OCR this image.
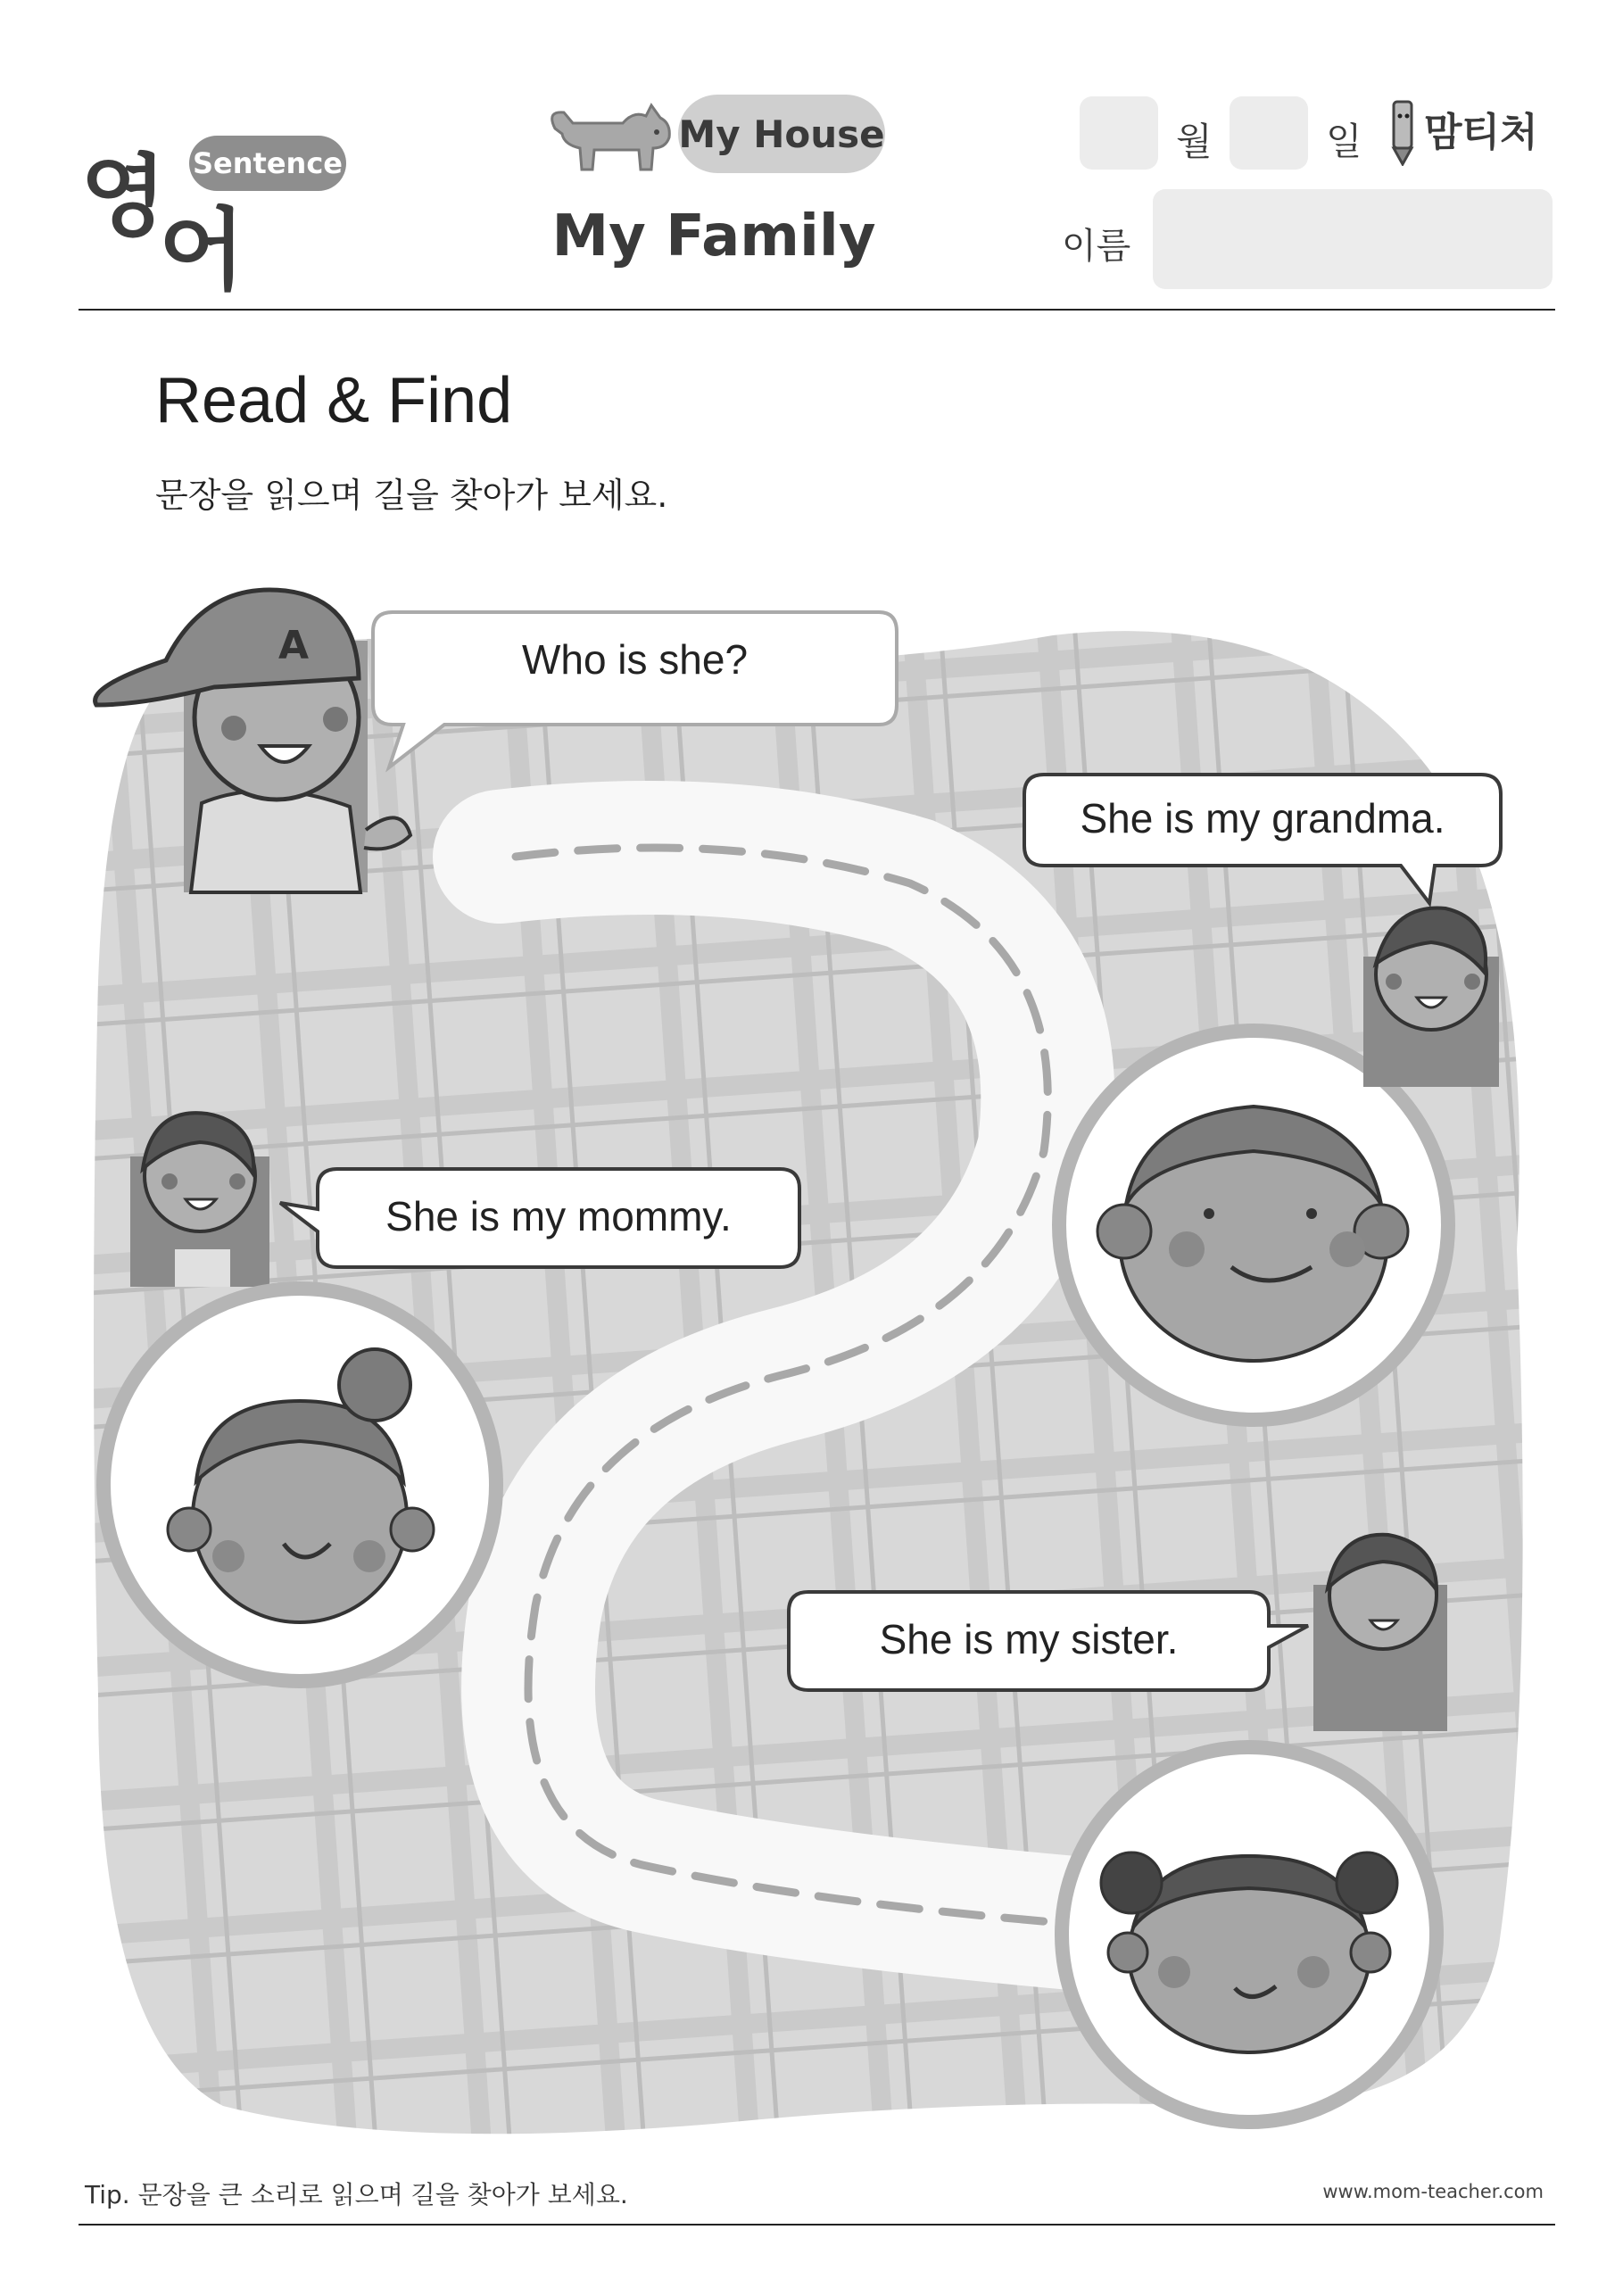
영
어
Sentence
My House
My Family
월	일 맘티처
이름
Read & Find
문장을 읽으며 길을 찾아가 보세요.
A	Who is she?
She is my grandma.
She is my mommy.
She is my sister.
Tip. 문장을 큰 소리로 읽으며 길을 찾아가 보세요.	www.mom-teacher.com
